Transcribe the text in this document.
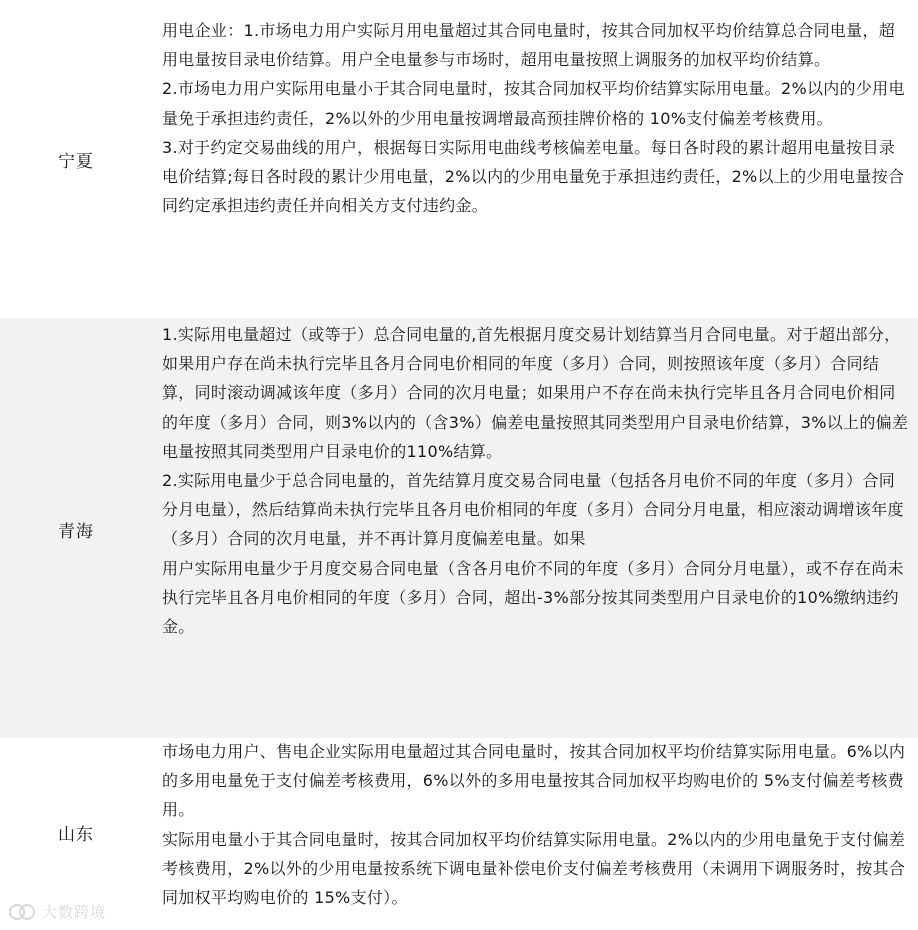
宁夏

用电企业：1.市场电力用户实际月用电量超过其合同电量时，按其合同加权平均价结算总合同电量，超用电量按目录电价结算。用户全电量参与市场时，超用电量按照上调服务的加权平均价结算。

2.市场电力用户实际用电量小于其合同电量时，按其合同加权平均价结算实际用电量。2%以内的少用电量免于承担违约责任，2%以外的少用电量按调增最高预挂牌价格的 10%支付偏差考核费用。

3.对于约定交易曲线的用户，根据每日实际用电曲线考核偏差电量。每日各时段的累计超用电量按目录电价结算;每日各时段的累计少用电量，2%以内的少用电量免于承担违约责任，2%以上的少用电量按合同约定承担违约责任并向相关方支付违约金。

青海

1.实际用电量超过（或等于）总合同电量的,首先根据月度交易计划结算当月合同电量。对于超出部分，如果用户存在尚未执行完毕且各月合同电价相同的年度（多月）合同，则按照该年度（多月）合同结算，同时滚动调减该年度（多月）合同的次月电量；如果用户不存在尚未执行完毕且各月合同电价相同的年度（多月）合同，则3%以内的（含3%）偏差电量按照其同类型用户目录电价结算，3%以上的偏差电量按照其同类型用户目录电价的110%结算。

2.实际用电量少于总合同电量的，首先结算月度交易合同电量（包括各月电价不同的年度（多月）合同分月电量），然后结算尚未执行完毕且各月电价相同的年度（多月）合同分月电量，相应滚动调增该年度（多月）合同的次月电量，并不再计算月度偏差电量。如果

用户实际用电量少于月度交易合同电量（含各月电价不同的年度（多月）合同分月电量），或不存在尚未执行完毕且各月电价相同的年度（多月）合同，超出-3%部分按其同类型用户目录电价的10%缴纳违约金。

山东

市场电力用户、售电企业实际用电量超过其合同电量时，按其合同加权平均价结算实际用电量。6%以内的多用电量免于支付偏差考核费用，6%以外的多用电量按其合同加权平均购电价的 5%支付偏差考核费用。

实际用电量小于其合同电量时，按其合同加权平均价结算实际用电量。2%以内的少用电量免于支付偏差考核费用，2%以外的少用电量按系统下调电量补偿电价支付偏差考核费用（未调用下调服务时，按其合同加权平均购电价的 15%支付）。

大数跨境
